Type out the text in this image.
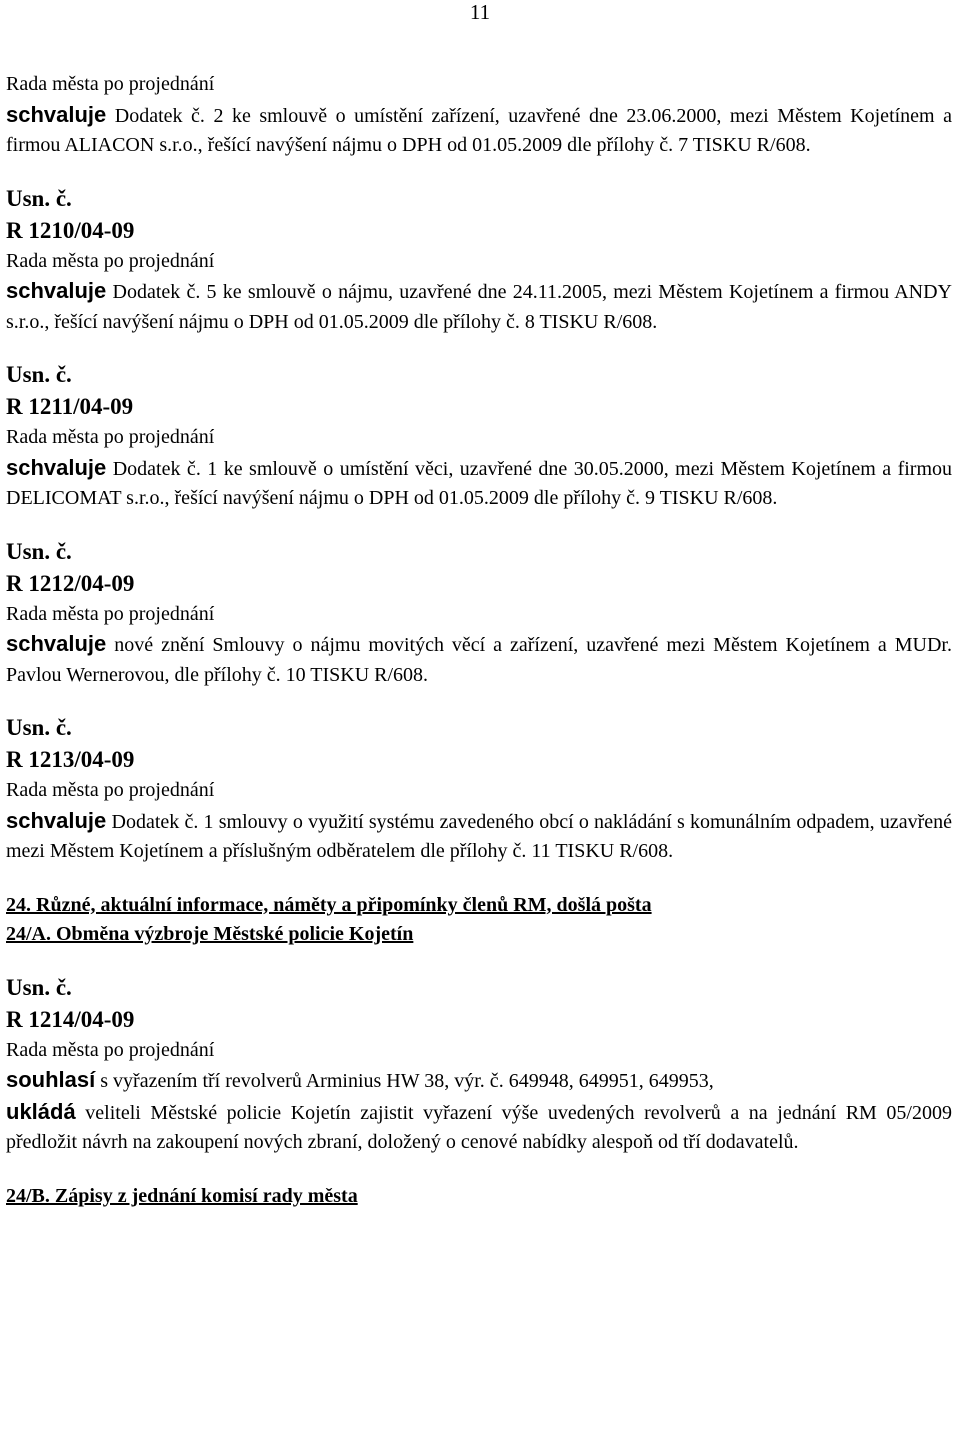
11

Rada města po projednání

schvaluje Dodatek č. 2 ke smlouvě o umístění zařízení, uzavřené dne 23.06.2000, mezi Městem Kojetínem a firmou ALIACON s.r.o., řešící navýšení nájmu o DPH od 01.05.2009 dle přílohy č. 7 TISKU R/608.

Usn. č.

R 1210/04-09

Rada města po projednání

schvaluje Dodatek č. 5 ke smlouvě o nájmu, uzavřené dne 24.11.2005, mezi Městem Kojetínem a firmou ANDY s.r.o., řešící navýšení nájmu o DPH od 01.05.2009 dle přílohy č. 8 TISKU R/608.

Usn. č.

R 1211/04-09

Rada města po projednání

schvaluje Dodatek č. 1 ke smlouvě o umístění věci, uzavřené dne 30.05.2000, mezi Městem Kojetínem a firmou DELICOMAT s.r.o., řešící navýšení nájmu o DPH od 01.05.2009 dle přílohy č. 9 TISKU R/608.

Usn. č.

R 1212/04-09

Rada města po projednání

schvaluje nové znění Smlouvy o nájmu movitých věcí a zařízení, uzavřené mezi Městem Kojetínem a MUDr. Pavlou Wernerovou, dle přílohy č. 10 TISKU R/608.

Usn. č.

R 1213/04-09

Rada města po projednání

schvaluje Dodatek č. 1 smlouvy o využití systému zavedeného obcí o nakládání s komunálním odpadem, uzavřené mezi Městem Kojetínem a příslušným odběratelem dle přílohy č. 11 TISKU R/608.

24. Různé, aktuální informace, náměty a připomínky členů RM, došlá pošta

24/A. Obměna výzbroje Městské policie Kojetín

Usn. č.

R 1214/04-09

Rada města po projednání

souhlasí s vyřazením tří revolverů Arminius HW 38, výr. č. 649948, 649951, 649953,

ukládá veliteli Městské policie Kojetín zajistit vyřazení výše uvedených revolverů a na jednání RM 05/2009 předložit návrh na zakoupení nových zbraní, doložený o cenové nabídky alespoň od tří dodavatelů.

24/B. Zápisy z jednání komisí rady města
